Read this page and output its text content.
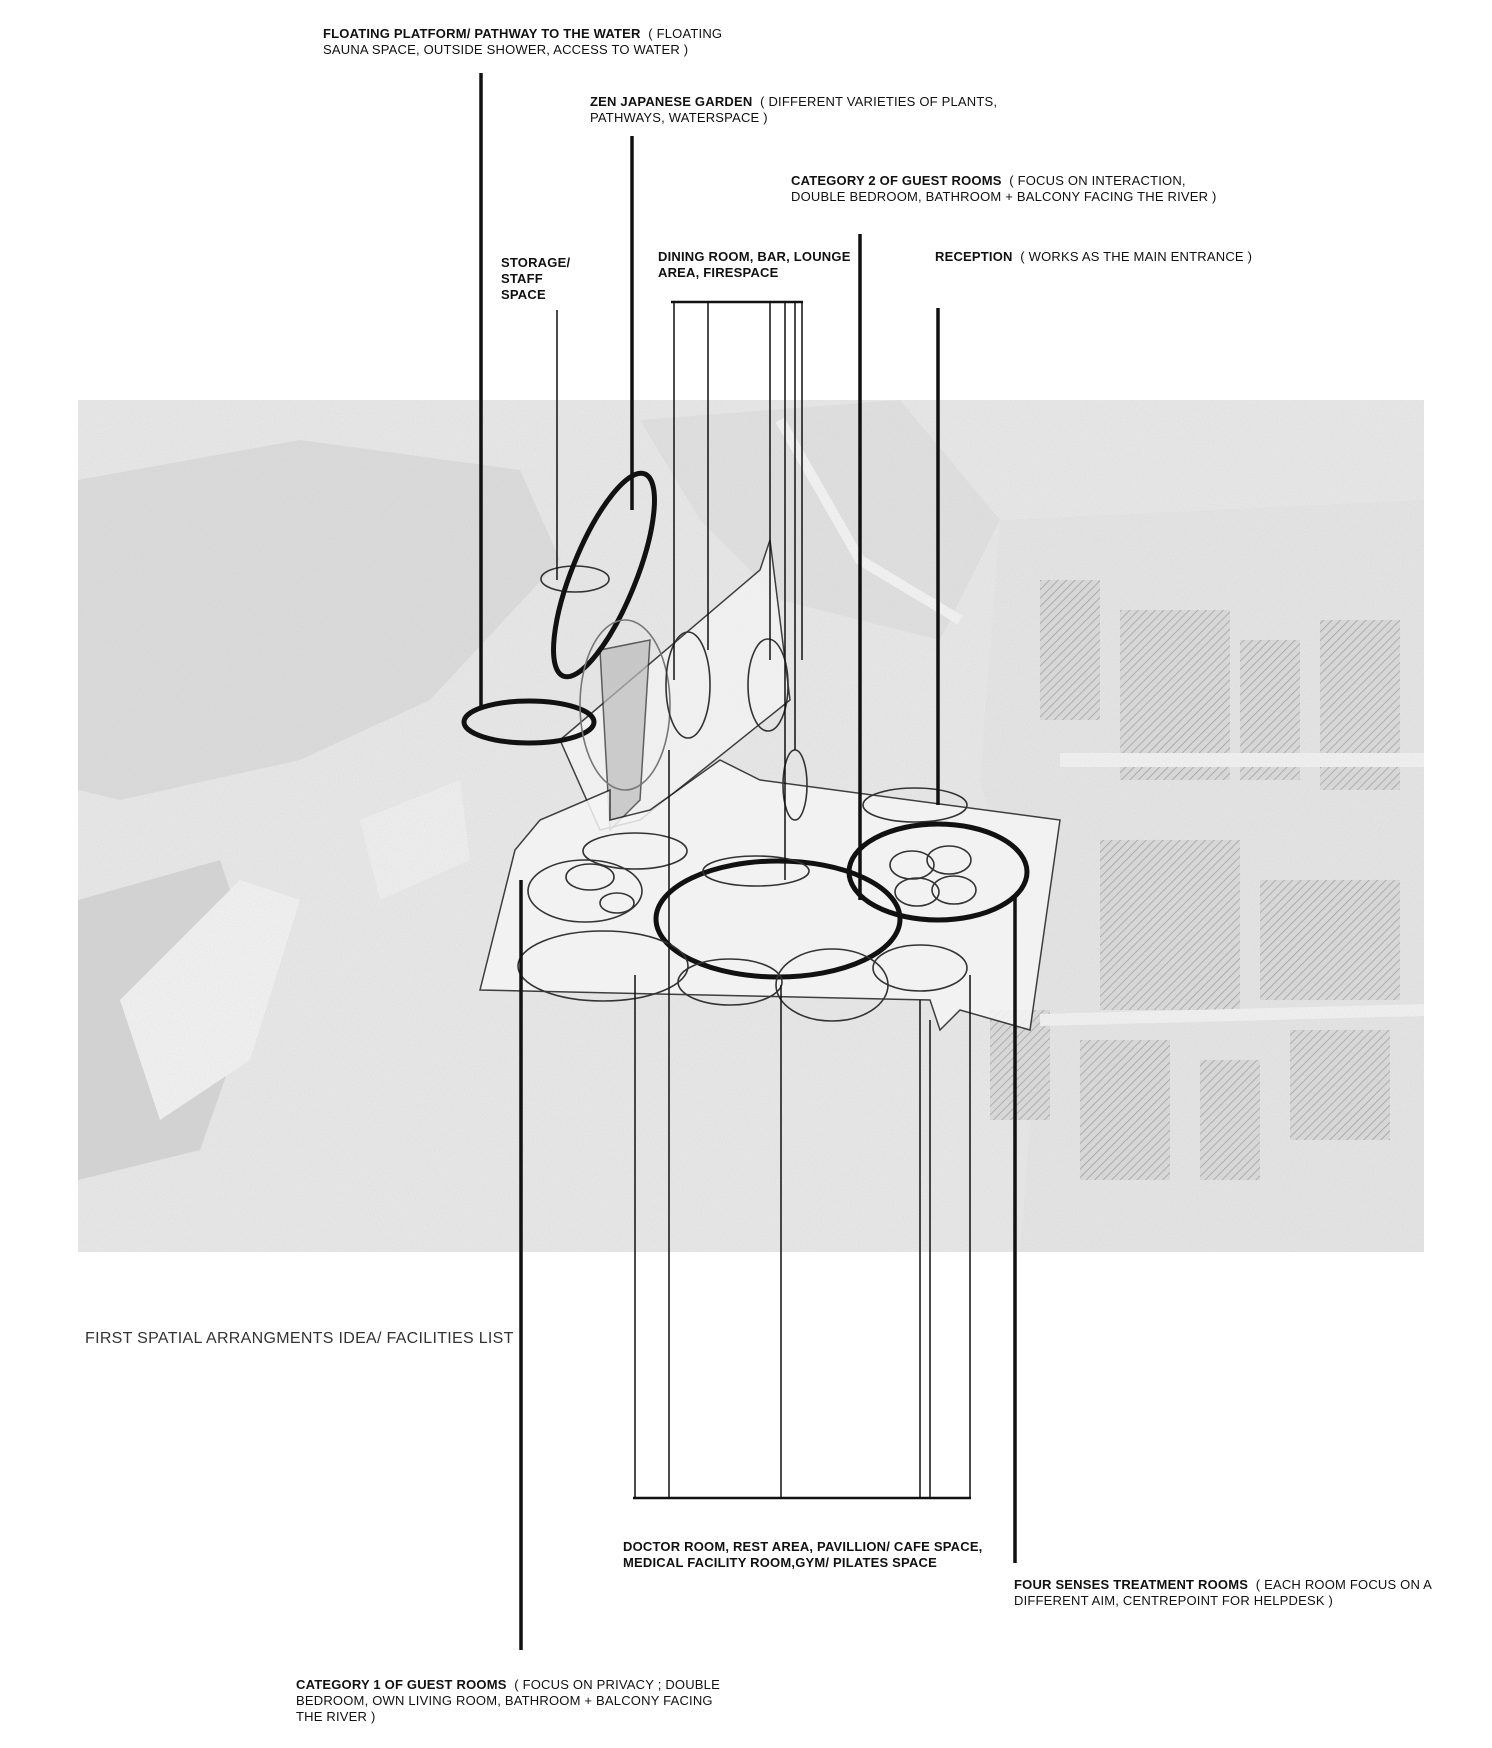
FLOATING PLATFORM/ PATHWAY TO THE WATER ( FLOATING SAUNA SPACE, OUTSIDE SHOWER, ACCESS TO WATER )
ZEN JAPANESE GARDEN ( DIFFERENT VARIETIES OF PLANTS, PATHWAYS, WATERSPACE )
CATEGORY 2 OF GUEST ROOMS ( FOCUS ON INTERACTION, DOUBLE BEDROOM, BATHROOM + BALCONY FACING THE RIVER )
STORAGE/ STAFF SPACE
DINING ROOM, BAR, LOUNGE AREA, FIRESPACE
RECEPTION ( WORKS AS THE MAIN ENTRANCE )
FIRST SPATIAL ARRANGMENTS IDEA/ FACILITIES LIST
DOCTOR ROOM, REST AREA, PAVILLION/ CAFE SPACE, MEDICAL FACILITY ROOM,GYM/ PILATES SPACE
FOUR SENSES TREATMENT ROOMS ( EACH ROOM FOCUS ON A DIFFERENT AIM, CENTREPOINT FOR HELPDESK )
CATEGORY 1 OF GUEST ROOMS ( FOCUS ON PRIVACY ; DOUBLE BEDROOM, OWN LIVING ROOM, BATHROOM + BALCONY FACING THE RIVER )
